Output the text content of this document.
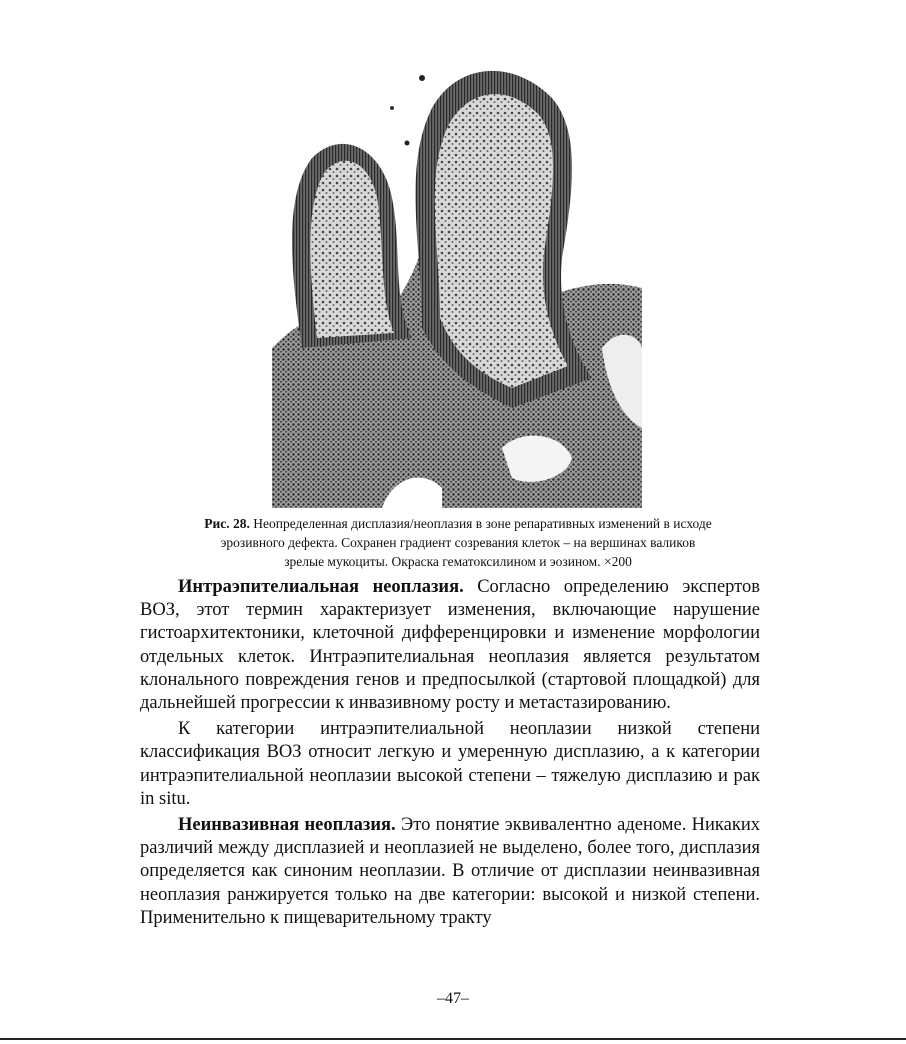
Рис. 28. Неопределенная дисплазия/неоплазия в зоне репаративных изменений в исходе
эрозивного дефекта. Сохранен градиент созревания клеток – на вершинах валиков
зрелые мукоциты. Окраска гематоксилином и эозином. ×200

Интраэпителиальная неоплазия. Согласно определению экспертов ВОЗ, этот термин характеризует изменения, включающие нарушение гистоархитектоники, клеточной дифференцировки и изменение морфологии отдельных клеток. Интраэпителиальная неоплазия является результатом клонального повреждения генов и предпосылкой (стартовой площадкой) для дальнейшей прогрессии к инвазивному росту и метастазированию.

К категории интраэпителиальной неоплазии низкой степени классификация ВОЗ относит легкую и умеренную дисплазию, а к категории интраэпителиальной неоплазии высокой степени – тяжелую дисплазию и рак in situ.

Неинвазивная неоплазия. Это понятие эквивалентно аденоме. Никаких различий между дисплазией и неоплазией не выделено, более того, дисплазия определяется как синоним неоплазии. В отличие от дисплазии неинвазивная неоплазия ранжируется только на две категории: высокой и низкой степени. Применительно к пищеварительному тракту

–47–
